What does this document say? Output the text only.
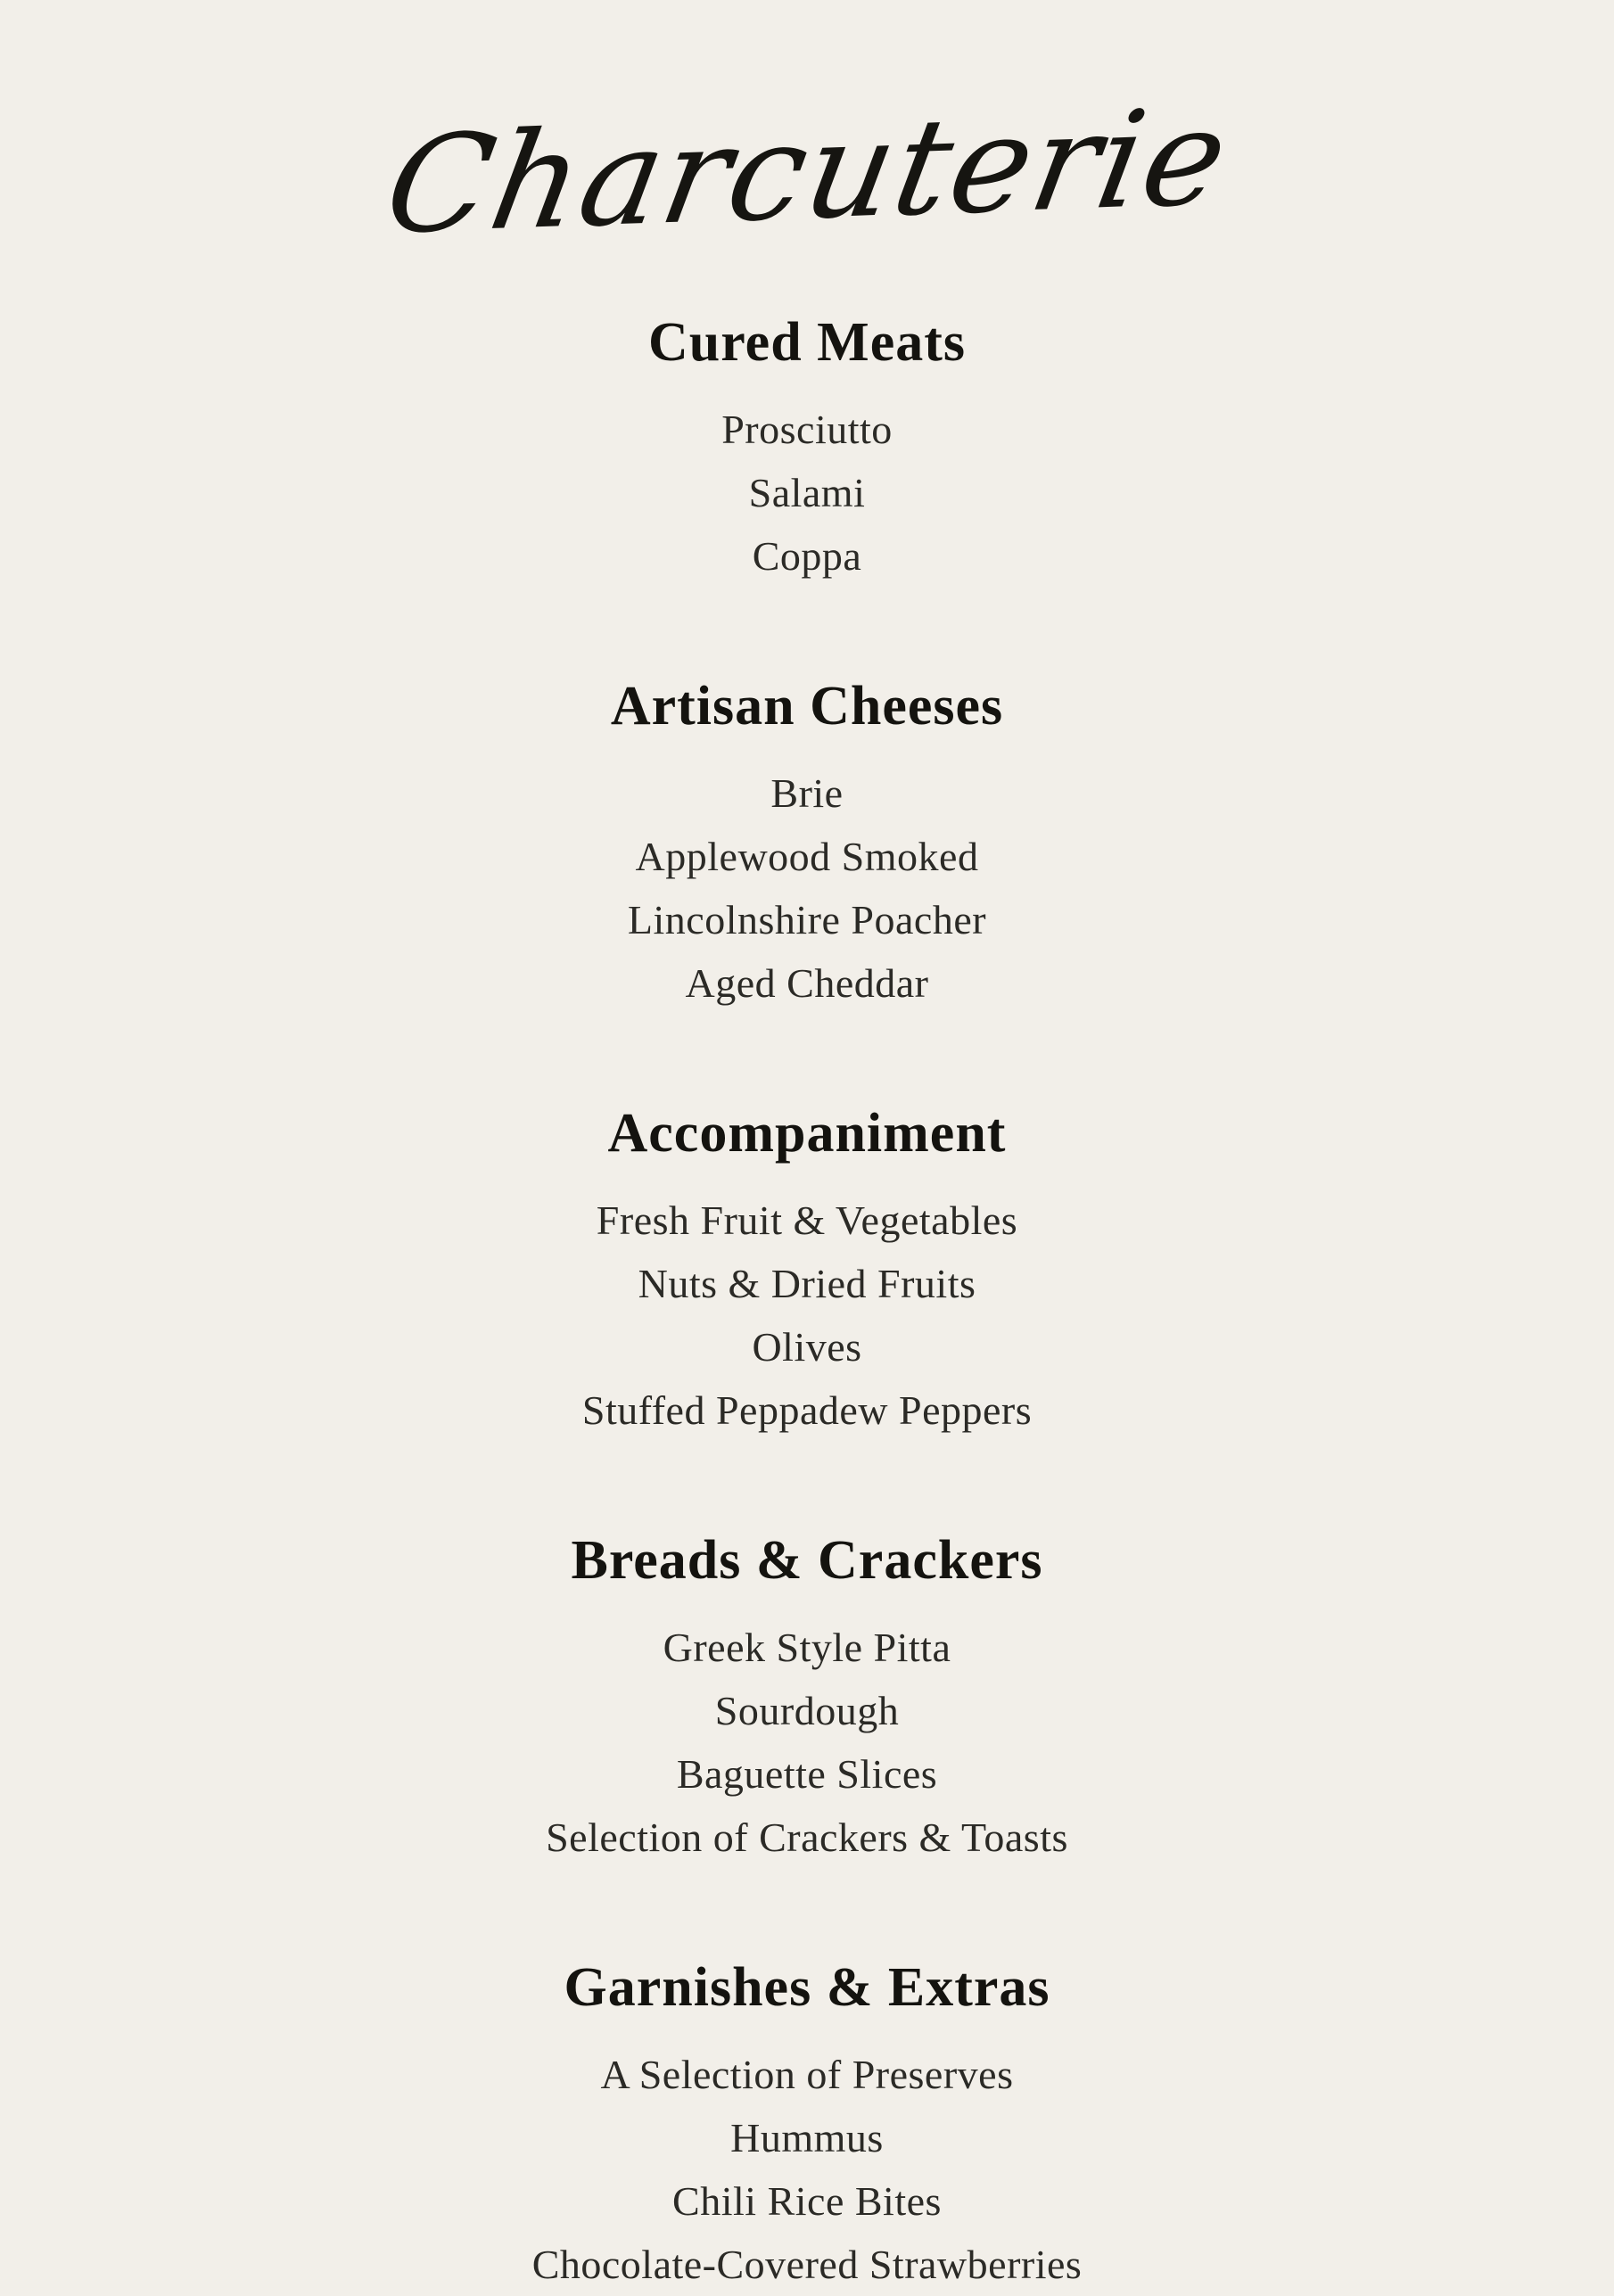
Charcuterie
Cured Meats
Prosciutto
Salami
Coppa
Artisan Cheeses
Brie
Applewood Smoked
Lincolnshire Poacher
Aged Cheddar
Accompaniment
Fresh Fruit & Vegetables
Nuts & Dried Fruits
Olives
Stuffed Peppadew Peppers
Breads & Crackers
Greek Style Pitta
Sourdough
Baguette Slices
Selection of Crackers & Toasts
Garnishes & Extras
A Selection of Preserves
Hummus
Chili Rice Bites
Chocolate-Covered Strawberries
